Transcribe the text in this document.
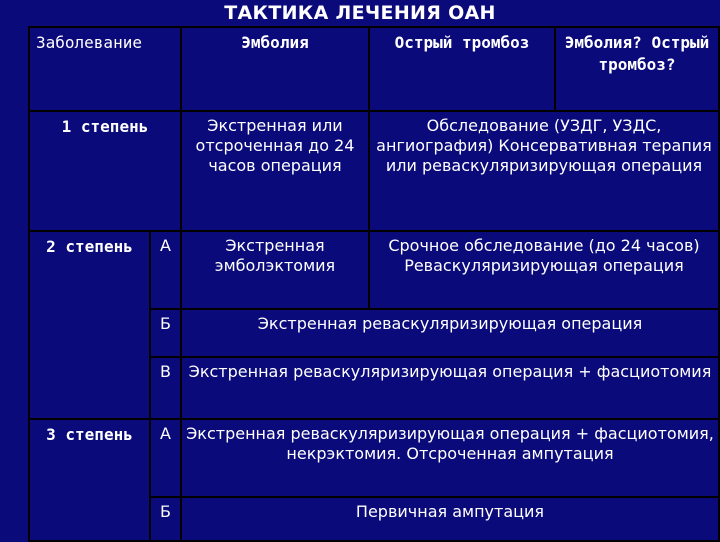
ТАКТИКА ЛЕЧЕНИЯ ОАН
Заболевание		Эмболия	Острый тромбоз	Эмболия? Острый тромбоз?
1 степень		Экстренная или отсроченная до 24 часов операция	Обследование (УЗДГ, УЗДС, ангиография) Консервативная терапия или реваскуляризирующая операция	
2 степень	А	Экстренная эмболэктомия	Срочное обследование (до 24 часов) Реваскуляризирующая операция	
	Б	Экстренная реваскуляризирующая операция		
	В	Экстренная реваскуляризирующая операция + фасциотомия		
3 степень	А	Экстренная реваскуляризирующая операция + фасциотомия, некрэктомия. Отсроченная ампутация		
	Б	Первичная ампутация		
